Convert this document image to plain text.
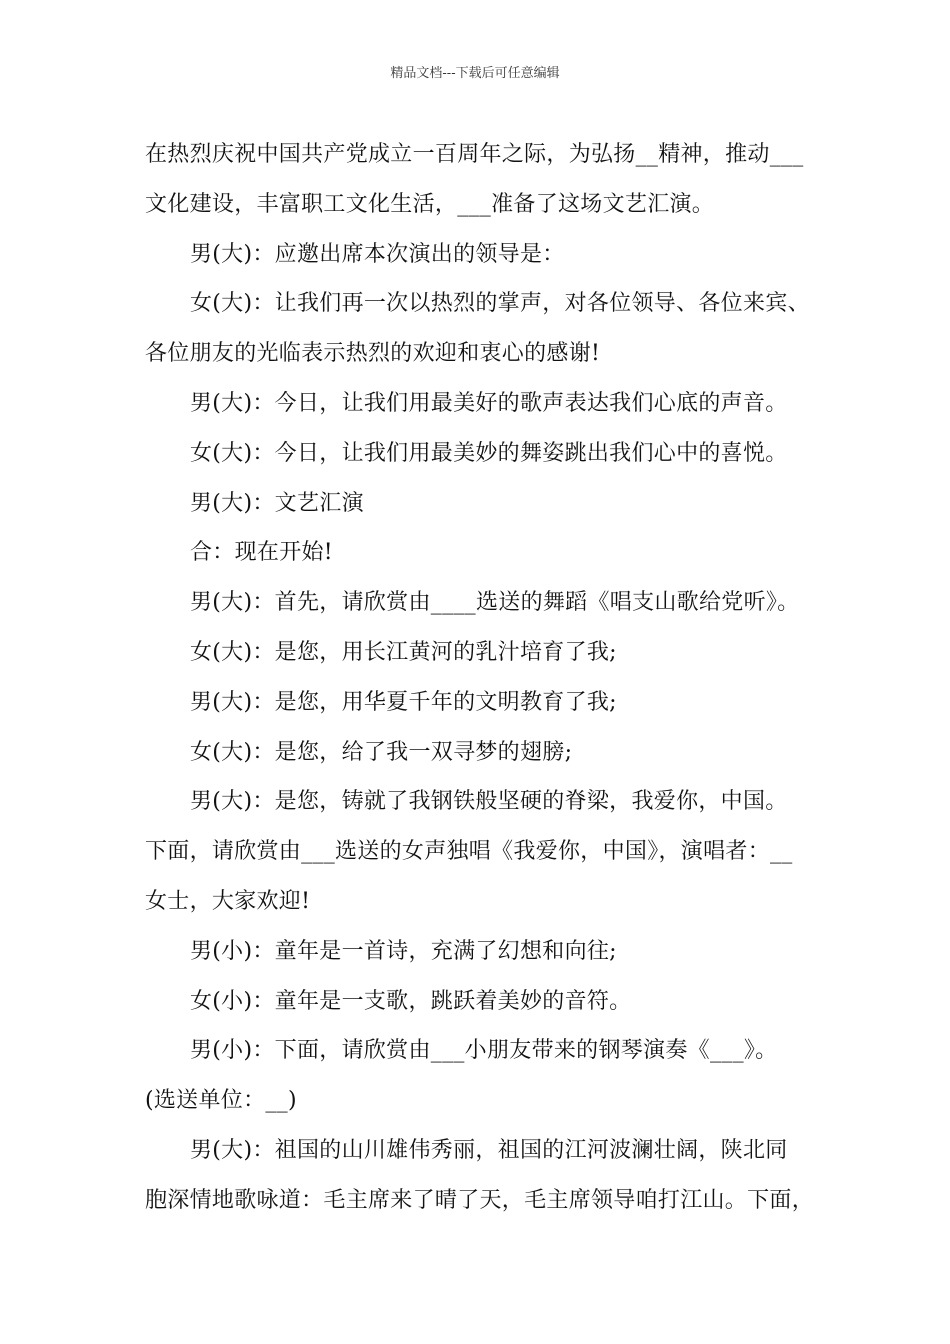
精品文档---下载后可任意编辑
在热烈庆祝中国共产党成立一百周年之际，为弘扬__精神，推动___
文化建设，丰富职工文化生活，___准备了这场文艺汇演。
男(大)：应邀出席本次演出的领导是：
女(大)：让我们再一次以热烈的掌声，对各位领导、各位来宾、
各位朋友的光临表示热烈的欢迎和衷心的感谢!
男(大)：今日，让我们用最美好的歌声表达我们心底的声音。
女(大)：今日，让我们用最美妙的舞姿跳出我们心中的喜悦。
男(大)：文艺汇演
合：现在开始!
男(大)：首先，请欣赏由____选送的舞蹈《唱支山歌给党听》。
女(大)：是您，用长江黄河的乳汁培育了我;
男(大)：是您，用华夏千年的文明教育了我;
女(大)：是您，给了我一双寻梦的翅膀;
男(大)：是您，铸就了我钢铁般坚硬的脊梁，我爱你，中国。
下面，请欣赏由___选送的女声独唱《我爱你，中国》，演唱者：__
女士，大家欢迎!
男(小)：童年是一首诗，充满了幻想和向往;
女(小)：童年是一支歌，跳跃着美妙的音符。
男(小)：下面，请欣赏由___小朋友带来的钢琴演奏《___》。
(选送单位：__)
男(大)：祖国的山川雄伟秀丽，祖国的江河波澜壮阔，陕北同
胞深情地歌咏道：毛主席来了晴了天，毛主席领导咱打江山。下面，
